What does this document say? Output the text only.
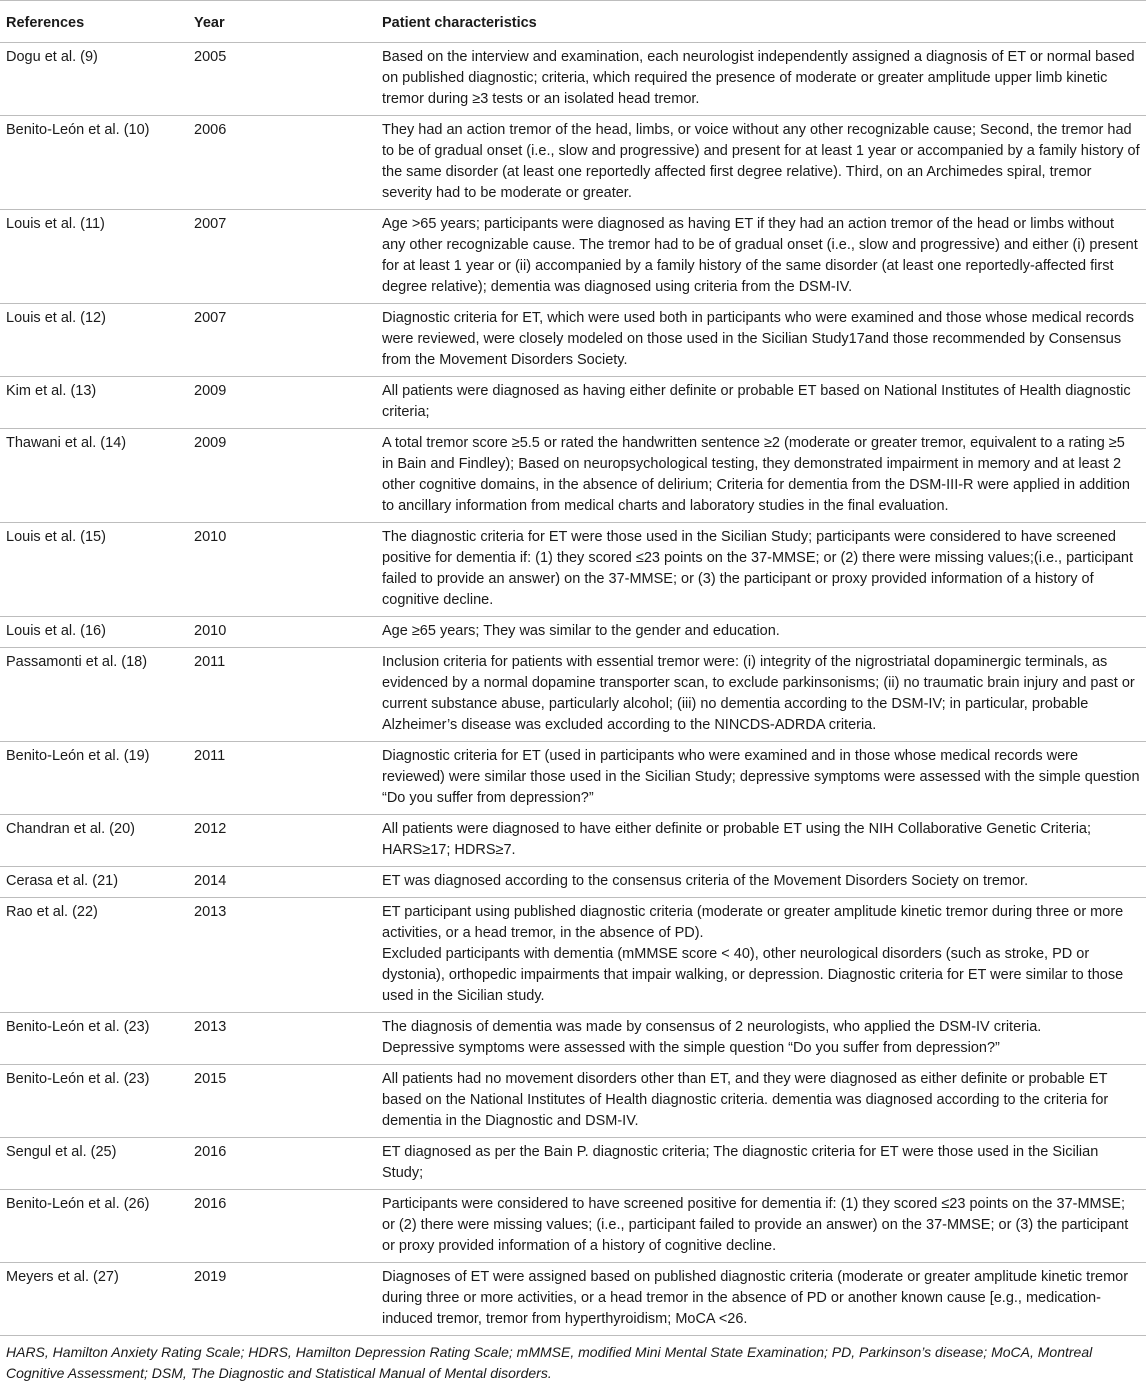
References	Year	Patient characteristics
Dogu et al. (9)	2005	Based on the interview and examination, each neurologist independently assigned a diagnosis of ET or normal based on published diagnostic; criteria, which required the presence of moderate or greater amplitude upper limb kinetic tremor during ≥3 tests or an isolated head tremor.

Benito-León et al. (10)	2006	They had an action tremor of the head, limbs, or voice without any other recognizable cause; Second, the tremor had to be of gradual onset (i.e., slow and progressive) and present for at least 1 year or accompanied by a family history of the same disorder (at least one reportedly affected first degree relative). Third, on an Archimedes spiral, tremor severity had to be moderate or greater.

Louis et al. (11)	2007	Age >65 years; participants were diagnosed as having ET if they had an action tremor of the head or limbs without any other recognizable cause. The tremor had to be of gradual onset (i.e., slow and progressive) and either (i) present for at least 1 year or (ii) accompanied by a family history of the same disorder (at least one reportedly-affected first degree relative); dementia was diagnosed using criteria from the DSM-IV.

Louis et al. (12)	2007	Diagnostic criteria for ET, which were used both in participants who were examined and those whose medical records were reviewed, were closely modeled on those used in the Sicilian Study17and those recommended by Consensus from the Movement Disorders Society.

Kim et al. (13)	2009	All patients were diagnosed as having either definite or probable ET based on National Institutes of Health diagnostic criteria;

Thawani et al. (14)	2009	A total tremor score ≥5.5 or rated the handwritten sentence ≥2 (moderate or greater tremor, equivalent to a rating ≥5 in Bain and Findley); Based on neuropsychological testing, they demonstrated impairment in memory and at least 2 other cognitive domains, in the absence of delirium; Criteria for dementia from the DSM-III-R were applied in addition to ancillary information from medical charts and laboratory studies in the final evaluation.

Louis et al. (15)	2010	The diagnostic criteria for ET were those used in the Sicilian Study; participants were considered to have screened positive for dementia if: (1) they scored ≤23 points on the 37-MMSE; or (2) there were missing values;(i.e., participant failed to provide an answer) on the 37-MMSE; or (3) the participant or proxy provided information of a history of cognitive decline.

Louis et al. (16)	2010	Age ≥65 years; They was similar to the gender and education.

Passamonti et al. (18)	2011	Inclusion criteria for patients with essential tremor were: (i) integrity of the nigrostriatal dopaminergic terminals, as evidenced by a normal dopamine transporter scan, to exclude parkinsonisms; (ii) no traumatic brain injury and past or current substance abuse, particularly alcohol; (iii) no dementia according to the DSM-IV; in particular, probable Alzheimer’s disease was excluded according to the NINCDS-ADRDA criteria.

Benito-León et al. (19)	2011	Diagnostic criteria for ET (used in participants who were examined and in those whose medical records were reviewed) were similar those used in the Sicilian Study; depressive symptoms were assessed with the simple question “Do you suffer from depression?”

Chandran et al. (20)	2012	All patients were diagnosed to have either definite or probable ET using the NIH Collaborative Genetic Criteria; HARS≥17; HDRS≥7.

Cerasa et al. (21)	2014	ET was diagnosed according to the consensus criteria of the Movement Disorders Society on tremor.

Rao et al. (22)	2013	ET participant using published diagnostic criteria (moderate or greater amplitude kinetic tremor during three or more activities, or a head tremor, in the absence of PD).
Excluded participants with dementia (mMMSE score < 40), other neurological disorders (such as stroke, PD or dystonia), orthopedic impairments that impair walking, or depression. Diagnostic criteria for ET were similar to those used in the Sicilian study.

Benito-León et al. (23)	2013	The diagnosis of dementia was made by consensus of 2 neurologists, who applied the DSM-IV criteria.
Depressive symptoms were assessed with the simple question “Do you suffer from depression?”

Benito-León et al. (23)	2015	All patients had no movement disorders other than ET, and they were diagnosed as either definite or probable ET based on the National Institutes of Health diagnostic criteria. dementia was diagnosed according to the criteria for dementia in the Diagnostic and DSM-IV.

Sengul et al. (25)	2016	ET diagnosed as per the Bain P. diagnostic criteria; The diagnostic criteria for ET were those used in the Sicilian Study;

Benito-León et al. (26)	2016	Participants were considered to have screened positive for dementia if: (1) they scored ≤23 points on the 37-MMSE; or (2) there were missing values; (i.e., participant failed to provide an answer) on the 37-MMSE; or (3) the participant or proxy provided information of a history of cognitive decline.

Meyers et al. (27)	2019	Diagnoses of ET were assigned based on published diagnostic criteria (moderate or greater amplitude kinetic tremor during three or more activities, or a head tremor in the absence of PD or another known cause [e.g., medication-induced tremor, tremor from hyperthyroidism; MoCA <26.
HARS, Hamilton Anxiety Rating Scale; HDRS, Hamilton Depression Rating Scale; mMMSE, modified Mini Mental State Examination; PD, Parkinson’s disease; MoCA, Montreal Cognitive Assessment; DSM, The Diagnostic and Statistical Manual of Mental disorders.
